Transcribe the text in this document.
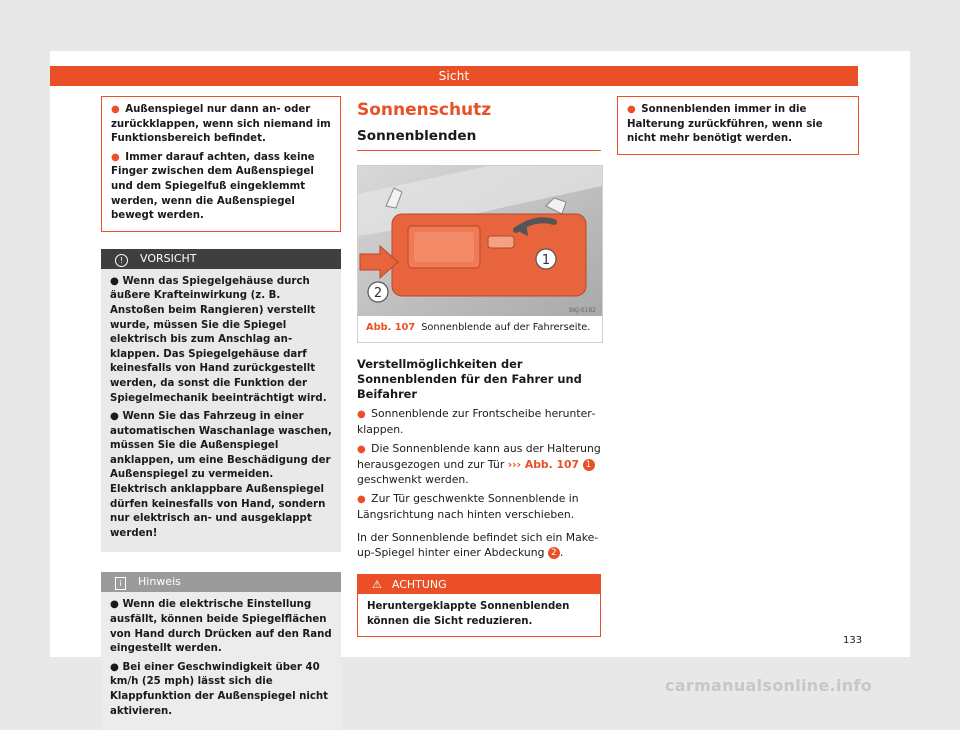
Sicht

● Außenspiegel nur dann an- oder zurückklappen, wenn sich niemand im Funktionsbereich befindet.

● Immer darauf achten, dass keine Finger zwischen dem Außenspiegel und dem Spiegelfuß eingeklemmt werden, wenn die Außenspiegel bewegt werden.

! VORSICHT

● Wenn das Spiegelgehäuse durch äußere Krafteinwirkung (z. B. Anstoßen beim Rangieren) verstellt wurde, müssen Sie die Spiegel elektrisch bis zum Anschlag anklappen. Das Spiegelgehäuse darf keinesfalls von Hand zurückgestellt werden, da sonst die Funktion der Spiegelmechanik beeinträchtigt wird.

● Wenn Sie das Fahrzeug in einer automatischen Waschanlage waschen, müssen Sie die Außenspiegel anklappen, um eine Beschädigung der Außenspiegel zu vermeiden. Elektrisch anklappbare Außenspiegel dürfen keinesfalls von Hand, sondern nur elektrisch an- und ausgeklappt werden!

i Hinweis

● Wenn die elektrische Einstellung ausfällt, können beide Spiegelflächen von Hand durch Drücken auf den Rand eingestellt werden.

● Bei einer Geschwindigkeit über 40 km/h (25 mph) lässt sich die Klappfunktion der Außenspiegel nicht aktivieren.

Sonnenschutz
Sonnenblenden
1
2
BKJ-0182
Abb. 107 Sonnenblende auf der Fahrerseite.
Verstellmöglichkeiten der Sonnenblenden für den Fahrer und Beifahrer

● Sonnenblende zur Frontscheibe herunterklappen.

● Die Sonnenblende kann aus der Halterung herausgezogen und zur Tür ››› Abb. 107 1 geschwenkt werden.

● Zur Tür geschwenkte Sonnenblende in Längsrichtung nach hinten verschieben.

In der Sonnenblende befindet sich ein Make-up-Spiegel hinter einer Abdeckung 2 .

⚠ ACHTUNG
Heruntergeklappte Sonnenblenden können die Sicht reduzieren.

● Sonnenblenden immer in die Halterung zurückführen, wenn sie nicht mehr benötigt werden.

133
carmanualsonline.info
